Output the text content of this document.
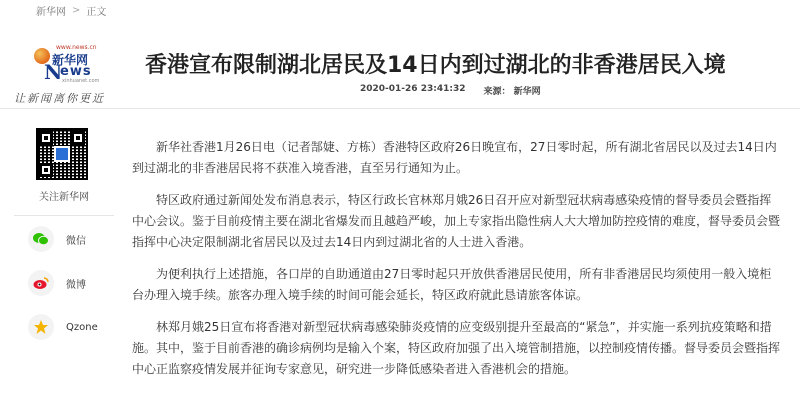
新华网 > 正文
www.news.cn
新华网
N
ews
xinhuanet.com
让新闻离你更近
香港宣布限制湖北居民及14日内到过湖北的非香港居民入境
2020-01-26 23:41:32 来源： 新华网
关注新华网
微信
微博
Qzone

新华社香港1月26日电（记者郜婕、方栋）香港特区政府26日晚宣布，27日零时起，所有湖北省居民以及过去14日内到过湖北的非香港居民将不获准入境香港，直至另行通知为止。

特区政府通过新闻处发布消息表示，特区行政长官林郑月娥26日召开应对新型冠状病毒感染疫情的督导委员会暨指挥中心会议。鉴于目前疫情主要在湖北省爆发而且越趋严峻，加上专家指出隐性病人大大增加防控疫情的难度，督导委员会暨指挥中心决定限制湖北省居民以及过去14日内到过湖北省的人士进入香港。

为便利执行上述措施，各口岸的自助通道由27日零时起只开放供香港居民使用，所有非香港居民均须使用一般入境柜台办理入境手续。旅客办理入境手续的时间可能会延长，特区政府就此恳请旅客体谅。

林郑月娥25日宣布将香港对新型冠状病毒感染肺炎疫情的应变级别提升至最高的“紧急”，并实施一系列抗疫策略和措施。其中，鉴于目前香港的确诊病例均是输入个案，特区政府加强了出入境管制措施，以控制疫情传播。督导委员会暨指挥中心正监察疫情发展并征询专家意见，研究进一步降低感染者进入香港机会的措施。
